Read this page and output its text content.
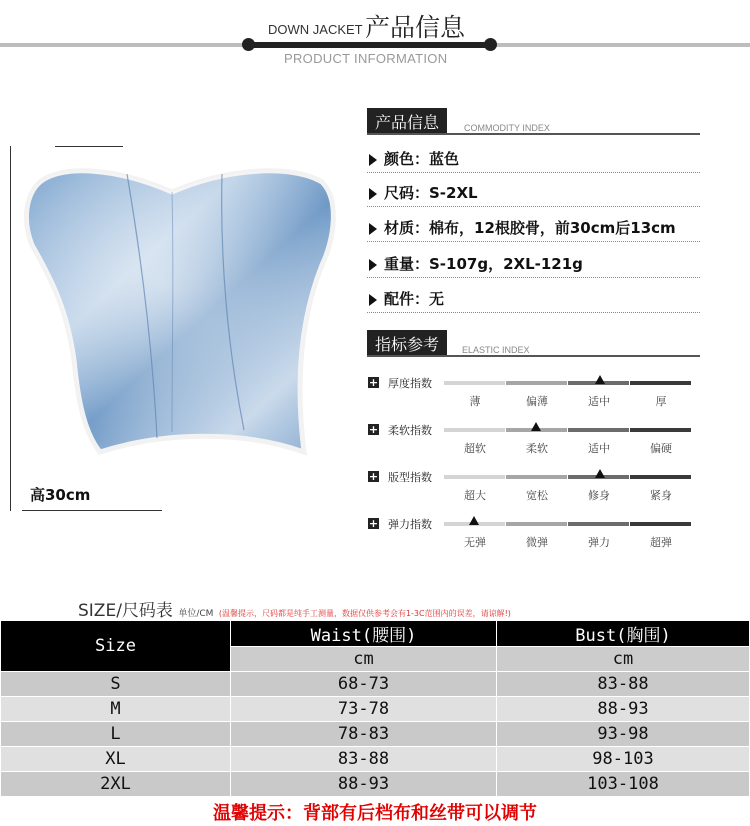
DOWN JACKET 产品信息
PRODUCT INFORMATION
高30cm
产品信息	COMMODITY INDEX
颜色：蓝色
尺码：S-2XL
材质：棉布，12根胶骨，前30cm后13cm
重量：S-107g，2XL-121g
配件：无
指标参考	ELASTIC INDEX
+ 厚度指数
薄	偏薄	适中	厚
+ 柔软指数
超软	柔软	适中	偏硬
+ 版型指数
超大	宽松	修身	紧身
+ 弹力指数
无弹	微弹	弹力	超弹
SIZE/尺码表 单位/CM (温馨提示，尺码都是纯手工测量，数据仅供参考会有1-3C范围内的误差，请谅解!)
Size	Waist(腰围)	Bust(胸围)
	cm	cm
S	68-73	83-88
M	73-78	88-93
L	78-83	93-98
XL	83-88	98-103
2XL	88-93	103-108
温馨提示：背部有后档布和丝带可以调节
